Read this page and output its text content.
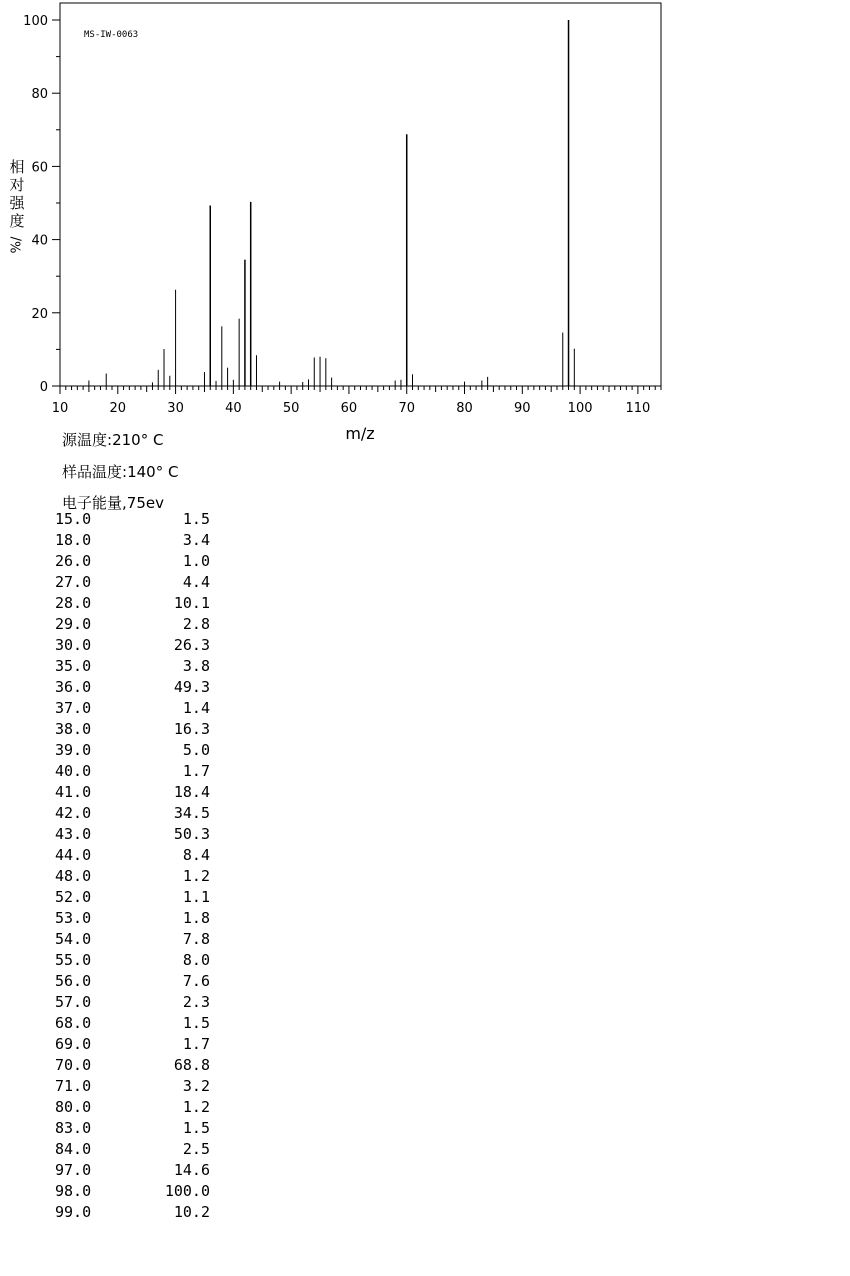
MS-IW-0063
10	20	30	40	50	60	70	80	90	100	110
0
20
40
60
80
100
m/z
相
对
强
度
%/
源温度:210° C
样品温度:140° C
电子能量,75ev
15.0	1.5
18.0	3.4
26.0	1.0
27.0	4.4
28.0	10.1
29.0	2.8
30.0	26.3
35.0	3.8
36.0	49.3
37.0	1.4
38.0	16.3
39.0	5.0
40.0	1.7
41.0	18.4
42.0	34.5
43.0	50.3
44.0	8.4
48.0	1.2
52.0	1.1
53.0	1.8
54.0	7.8
55.0	8.0
56.0	7.6
57.0	2.3
68.0	1.5
69.0	1.7
70.0	68.8
71.0	3.2
80.0	1.2
83.0	1.5
84.0	2.5
97.0	14.6
98.0	100.0
99.0	10.2
